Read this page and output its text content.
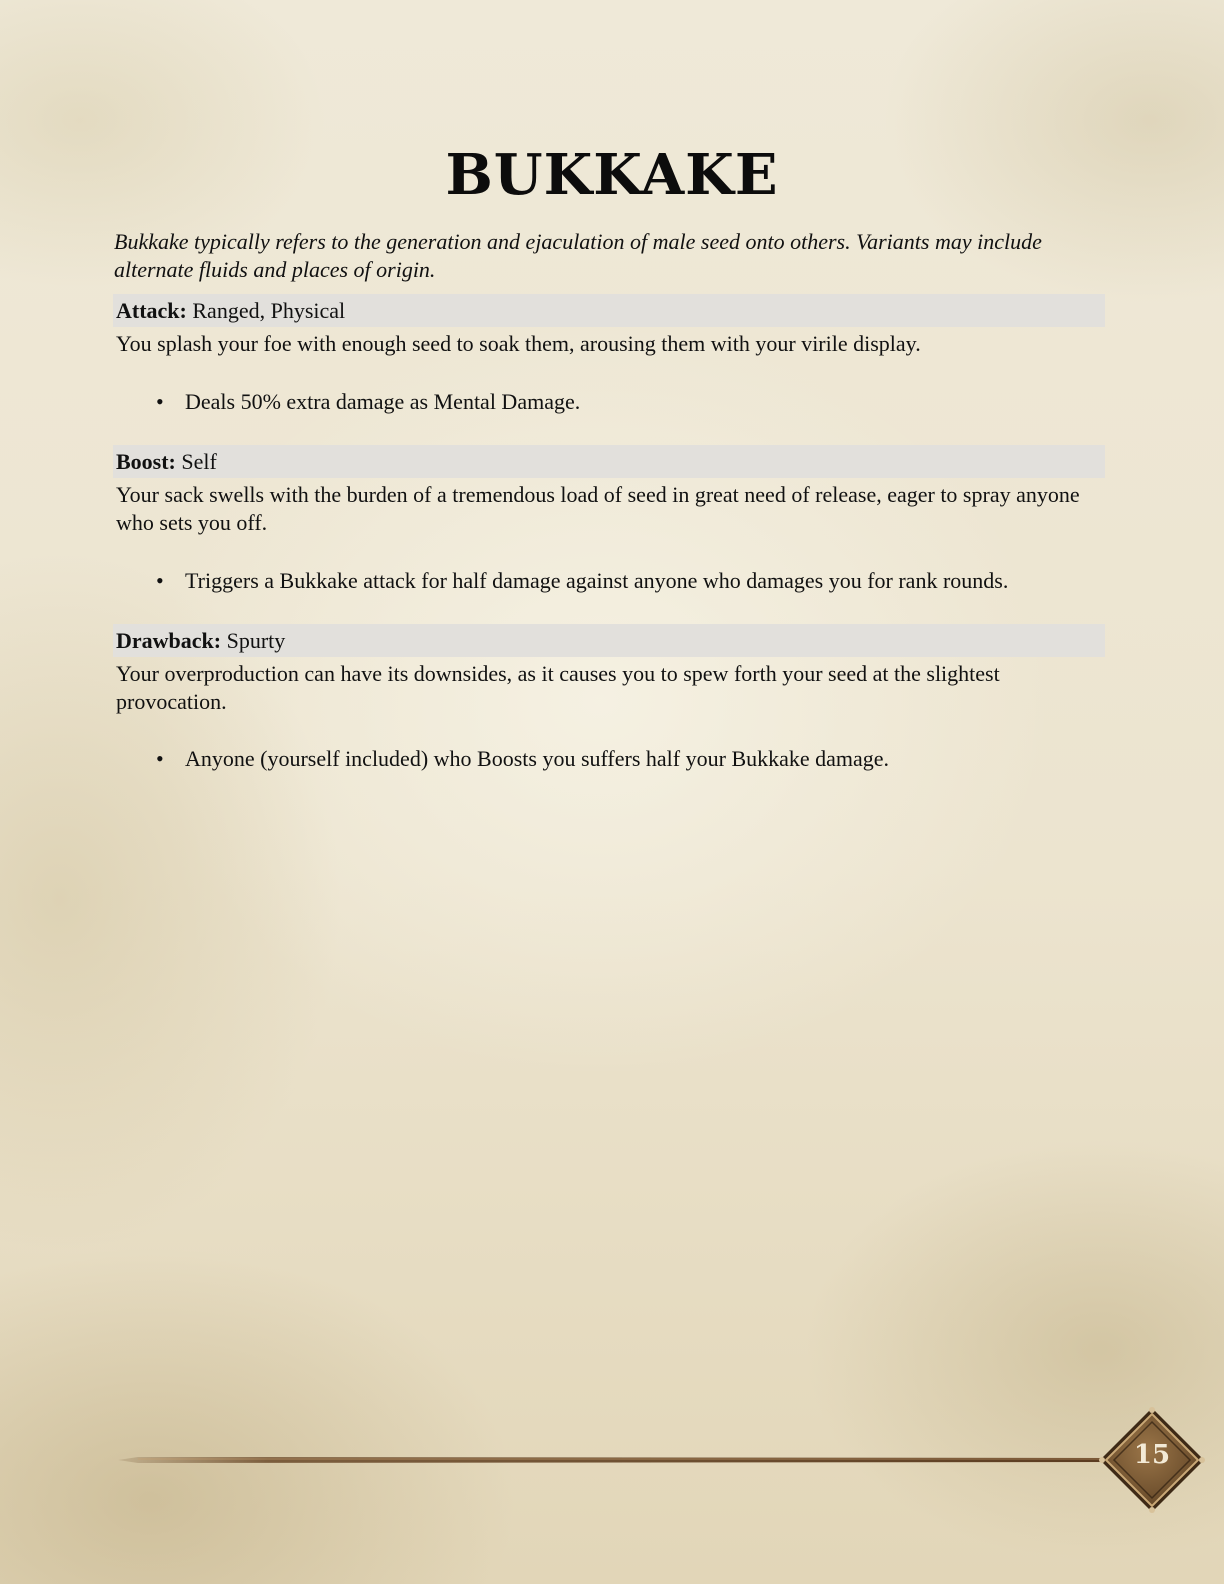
BUKKAKE

Bukkake typically refers to the generation and ejaculation of male seed onto others. Variants may include alternate fluids and places of origin.

Attack: Ranged, Physical

You splash your foe with enough seed to soak them, arousing them with your virile display.

• Deals 50% extra damage as Mental Damage.
Boost: Self

Your sack swells with the burden of a tremendous load of seed in great need of release, eager to spray anyone who sets you off.

• Triggers a Bukkake attack for half damage against anyone who damages you for rank rounds.
Drawback: Spurty

Your overproduction can have its downsides, as it causes you to spew forth your seed at the slightest provocation.

• Anyone (yourself included) who Boosts you suffers half your Bukkake damage.
15
